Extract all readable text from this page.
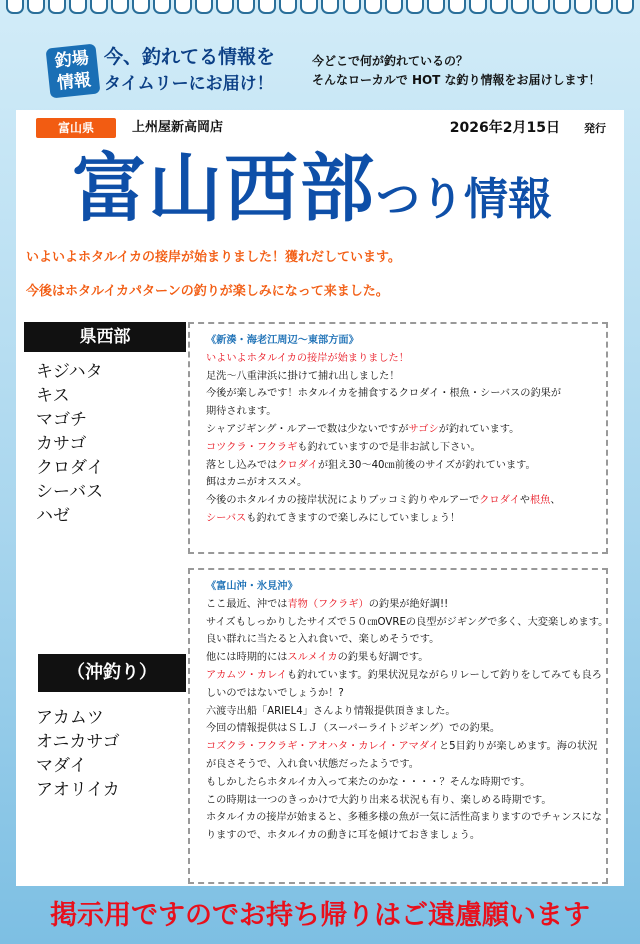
釣場
情報
今、釣れてる情報を
タイムリーにお届け！
今どこで何が釣れているの？
そんなローカルで HOT な釣り情報をお届けします！
富山県	上州屋新高岡店	2026年2月15日 発行
富山西部つり情報
いよいよホタルイカの接岸が始まりました！獲れだしています。
今後はホタルイカパターンの釣りが楽しみになって来ました。
県西部
キジハタ
キス
マゴチ
カサゴ
クロダイ
シーバス
ハゼ
《新湊・海老江周辺～東部方面》
いよいよホタルイカの接岸が始まりました！
足洗～八重津浜に掛けて捕れ出しました！
今後が楽しみです！ホタルイカを捕食するクロダイ・根魚・シーバスの釣果が
期待されます。
シャアジギング・ルアーで数は少ないですがサゴシが釣れています。
コツクラ・フクラギも釣れていますので是非お試し下さい。
落とし込みではクロダイが狙え30～40㎝前後のサイズが釣れています。
餌はカニがオススメ。
今後のホタルイカの接岸状況によりブッコミ釣りやルアーでクロダイや根魚、
シーバスも釣れてきますので楽しみにしていましょう！
（沖釣り）
アカムツ
オニカサゴ
マダイ
アオリイカ
《富山沖・氷見沖》
ここ最近、沖では青物（フクラギ）の釣果が絶好調!!
サイズもしっかりしたサイズで５０㎝OVREの良型がジギングで多く、大変楽しめます。
良い群れに当たると入れ食いで、楽しめそうです。
他には時期的にはスルメイカの釣果も好調です。
アカムツ・カレイも釣れています。釣果状況見ながらリレーして釣りをしてみても良ろ
しいのではないでしょうか！?
六渡寺出船「ARIEL4」さんより情報提供頂きました。
今回の情報提供はＳＬＪ（スーパーライトジギング）での釣果。
コズクラ・フクラギ・アオハタ・カレイ・アマダイと5目釣りが楽しめます。海の状況
が良さそうで、入れ食い状態だったようです。
もしかしたらホタルイカ入って来たのかな・・・・？そんな時期です。
この時期は一つのきっかけで大釣り出来る状況も有り、楽しめる時期です。
ホタルイカの接岸が始まると、多種多様の魚が一気に活性高まりますのでチャンスにな
りますので、ホタルイカの動きに耳を傾けておきましょう。
掲示用ですのでお持ち帰りはご遠慮願います
